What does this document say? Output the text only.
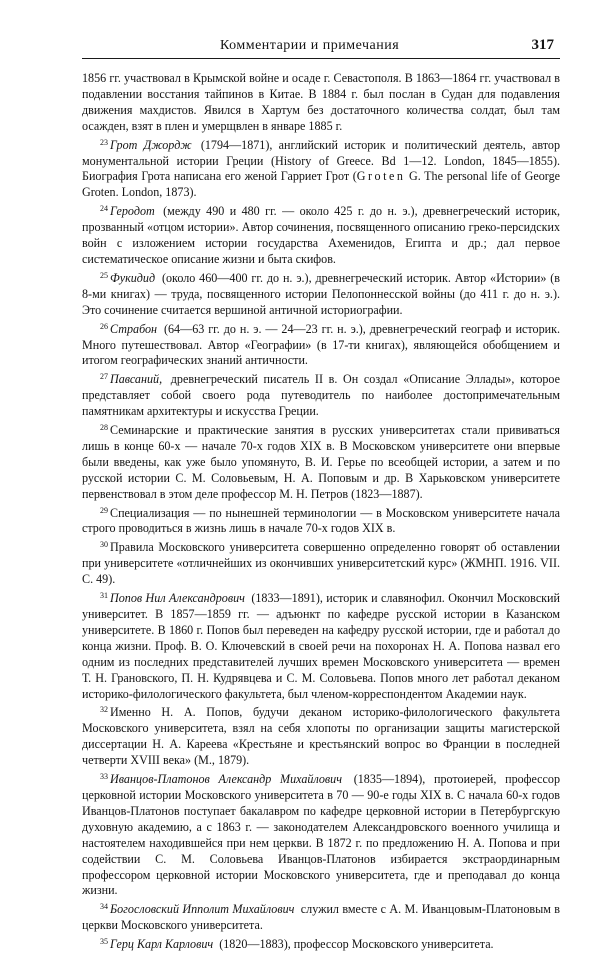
Комментарии и примечания	317

1856 гг. участвовал в Крымской войне и осаде г. Севастополя. В 1863—1864 гг. участвовал в подавлении восстания тайпинов в Китае. В 1884 г. был послан в Судан для подавления движения махдистов. Явился в Хартум без достаточного количества солдат, был там осажден, взят в плен и умерщвлен в январе 1885 г.

$^{23}$ Грот Джордж (1794—1871), английский историк и политический деятель, автор монументальной истории Греции (History of Greece. Bd 1—12. London, 1845—1855). Биография Грота написана его женой Гарриет Грот (Groten G. The personal life of George Groten. London, 1873).

$^{24}$ Геродот (между 490 и 480 гг. — около 425 г. до н. э.), древнегреческий историк, прозванный «отцом истории». Автор сочинения, посвященного описанию греко-персидских войн с изложением истории государства Ахеменидов, Египта и др.; дал первое систематическое описание жизни и быта скифов.

$^{25}$ Фукидид (около 460—400 гг. до н. э.), древнегреческий историк. Автор «Истории» (в 8-ми книгах) — труда, посвященного истории Пелопоннесской войны (до 411 г. до н. э.). Это сочинение считается вершиной античной историографии.

$^{26}$ Страбон (64—63 гг. до н. э. — 24—23 гг. н. э.), древнегреческий географ и историк. Много путешествовал. Автор «Географии» (в 17-ти книгах), являющейся обобщением и итогом географических знаний античности.

$^{27}$ Павсаний, древнегреческий писатель II в. Он создал «Описание Эллады», которое представляет собой своего рода путеводитель по наиболее достопримечательным памятникам архитектуры и искусства Греции.

$^{28}$ Семинарские и практические занятия в русских университетах стали прививаться лишь в конце 60-х — начале 70-х годов XIX в. В Московском университете они впервые были введены, как уже было упомянуто, В. И. Герье по всеобщей истории, а затем и по русской истории С. М. Соловьевым, Н. А. Поповым и др. В Харьковском университете первенствовал в этом деле профессор М. Н. Петров (1823—1887).

$^{29}$ Специализация — по нынешней терминологии — в Московском университете начала строго проводиться в жизнь лишь в начале 70-х годов XIX в.

$^{30}$ Правила Московского университета совершенно определенно говорят об оставлении при университете «отличнейших из окончивших университетский курс» (ЖМНП. 1916. VII. С. 49).

$^{31}$ Попов Нил Александрович (1833—1891), историк и славянофил. Окончил Московский университет. В 1857—1859 гг. — адъюнкт по кафедре русской истории в Казанском университете. В 1860 г. Попов был переведен на кафедру русской истории, где и работал до конца жизни. Проф. В. О. Ключевский в своей речи на похоронах Н. А. Попова назвал его одним из последних представителей лучших времен Московского университета — времен Т. Н. Грановского, П. Н. Кудрявцева и С. М. Соловьева. Попов много лет работал деканом историко-филологического факультета, был членом-корреспондентом Академии наук.

$^{32}$ Именно Н. А. Попов, будучи деканом историко-филологического факультета Московского университета, взял на себя хлопоты по организации защиты магистерской диссертации Н. А. Кареева «Крестьяне и крестьянский вопрос во Франции в последней четверти XVIII века» (М., 1879).

$^{33}$ Иванцов-Платонов Александр Михайлович (1835—1894), протоиерей, профессор церковной истории Московского университета в 70 — 90-е годы XIX в. С начала 60-х годов Иванцов-Платонов поступает бакалавром по кафедре церковной истории в Петербургскую духовную академию, а с 1863 г. — законодателем Александровского военного училища и настоятелем находившейся при нем церкви. В 1872 г. по предложению Н. А. Попова и при содействии С. М. Соловьева Иванцов-Платонов избирается экстраординарным профессором церковной истории Московского университета, где и преподавал до конца жизни.

$^{34}$ Богословский Ипполит Михайлович служил вместе с А. М. Иванцовым-Платоновым в церкви Московского университета.

$^{35}$ Герц Карл Карлович (1820—1883), профессор Московского университета.
